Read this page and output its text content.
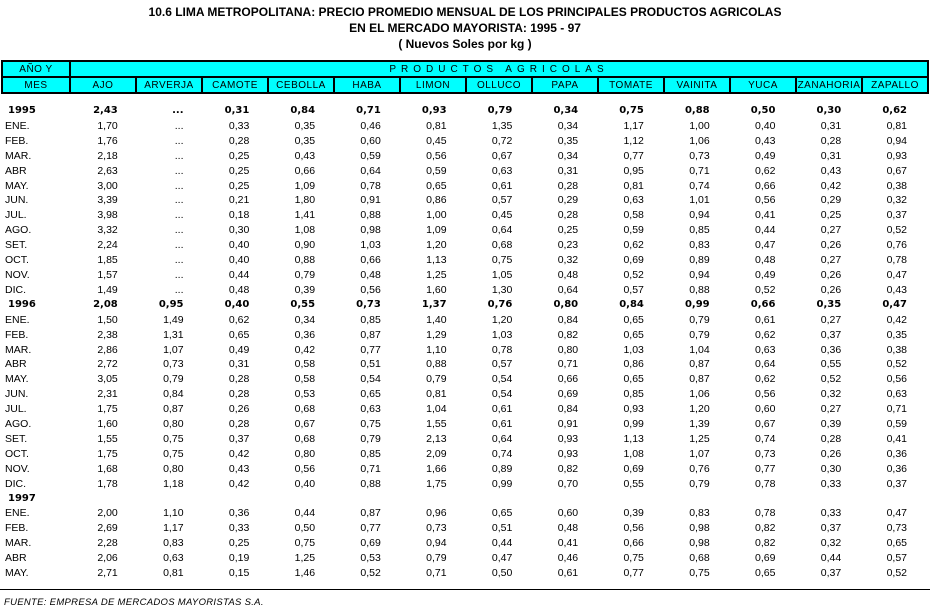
10.6 LIMA METROPOLITANA: PRECIO PROMEDIO MENSUAL DE LOS PRINCIPALES PRODUCTOS AGRICOLAS
EN EL MERCADO MAYORISTA: 1995 - 97
( Nuevos Soles por kg )
AÑO Y	PRODUCTOS AGRICOLAS												
MES	AJO	ARVERJA	CAMOTE	CEBOLLA	HABA	LIMON	OLLUCO	PAPA	TOMATE	VAINITA	YUCA	ZANAHORIA	ZAPALLO
1995	2,43	...	0,31	0,84	0,71	0,93	0,79	0,34	0,75	0,88	0,50	0,30	0,62
ENE.	1,70	...	0,33	0,35	0,46	0,81	1,35	0,34	1,17	1,00	0,40	0,31	0,81
FEB.	1,76	...	0,28	0,35	0,60	0,45	0,72	0,35	1,12	1,06	0,43	0,28	0,94
MAR.	2,18	...	0,25	0,43	0,59	0,56	0,67	0,34	0,77	0,73	0,49	0,31	0,93
ABR	2,63	...	0,25	0,66	0,64	0,59	0,63	0,31	0,95	0,71	0,62	0,43	0,67
MAY.	3,00	...	0,25	1,09	0,78	0,65	0,61	0,28	0,81	0,74	0,66	0,42	0,38
JUN.	3,39	...	0,21	1,80	0,91	0,86	0,57	0,29	0,63	1,01	0,56	0,29	0,32
JUL.	3,98	...	0,18	1,41	0,88	1,00	0,45	0,28	0,58	0,94	0,41	0,25	0,37
AGO.	3,32	...	0,30	1,08	0,98	1,09	0,64	0,25	0,59	0,85	0,44	0,27	0,52
SET.	2,24	...	0,40	0,90	1,03	1,20	0,68	0,23	0,62	0,83	0,47	0,26	0,76
OCT.	1,85	...	0,40	0,88	0,66	1,13	0,75	0,32	0,69	0,89	0,48	0,27	0,78
NOV.	1,57	...	0,44	0,79	0,48	1,25	1,05	0,48	0,52	0,94	0,49	0,26	0,47
DIC.	1,49	...	0,48	0,39	0,56	1,60	1,30	0,64	0,57	0,88	0,52	0,26	0,43
1996	2,08	0,95	0,40	0,55	0,73	1,37	0,76	0,80	0,84	0,99	0,66	0,35	0,47
ENE.	1,50	1,49	0,62	0,34	0,85	1,40	1,20	0,84	0,65	0,79	0,61	0,27	0,42
FEB.	2,38	1,31	0,65	0,36	0,87	1,29	1,03	0,82	0,65	0,79	0,62	0,37	0,35
MAR.	2,86	1,07	0,49	0,42	0,77	1,10	0,78	0,80	1,03	1,04	0,63	0,36	0,38
ABR	2,72	0,73	0,31	0,58	0,51	0,88	0,57	0,71	0,86	0,87	0,64	0,55	0,52
MAY.	3,05	0,79	0,28	0,58	0,54	0,79	0,54	0,66	0,65	0,87	0,62	0,52	0,56
JUN.	2,31	0,84	0,28	0,53	0,65	0,81	0,54	0,69	0,85	1,06	0,56	0,32	0,63
JUL.	1,75	0,87	0,26	0,68	0,63	1,04	0,61	0,84	0,93	1,20	0,60	0,27	0,71
AGO.	1,60	0,80	0,28	0,67	0,75	1,55	0,61	0,91	0,99	1,39	0,67	0,39	0,59
SET.	1,55	0,75	0,37	0,68	0,79	2,13	0,64	0,93	1,13	1,25	0,74	0,28	0,41
OCT.	1,75	0,75	0,42	0,80	0,85	2,09	0,74	0,93	1,08	1,07	0,73	0,26	0,36
NOV.	1,68	0,80	0,43	0,56	0,71	1,66	0,89	0,82	0,69	0,76	0,77	0,30	0,36
DIC.	1,78	1,18	0,42	0,40	0,88	1,75	0,99	0,70	0,55	0,79	0,78	0,33	0,37
1997													
ENE.	2,00	1,10	0,36	0,44	0,87	0,96	0,65	0,60	0,39	0,83	0,78	0,33	0,47
FEB.	2,69	1,17	0,33	0,50	0,77	0,73	0,51	0,48	0,56	0,98	0,82	0,37	0,73
MAR.	2,28	0,83	0,25	0,75	0,69	0,94	0,44	0,41	0,66	0,98	0,82	0,32	0,65
ABR	2,06	0,63	0,19	1,25	0,53	0,79	0,47	0,46	0,75	0,68	0,69	0,44	0,57
MAY.	2,71	0,81	0,15	1,46	0,52	0,71	0,50	0,61	0,77	0,75	0,65	0,37	0,52
FUENTE: EMPRESA DE MERCADOS MAYORISTAS S.A.
